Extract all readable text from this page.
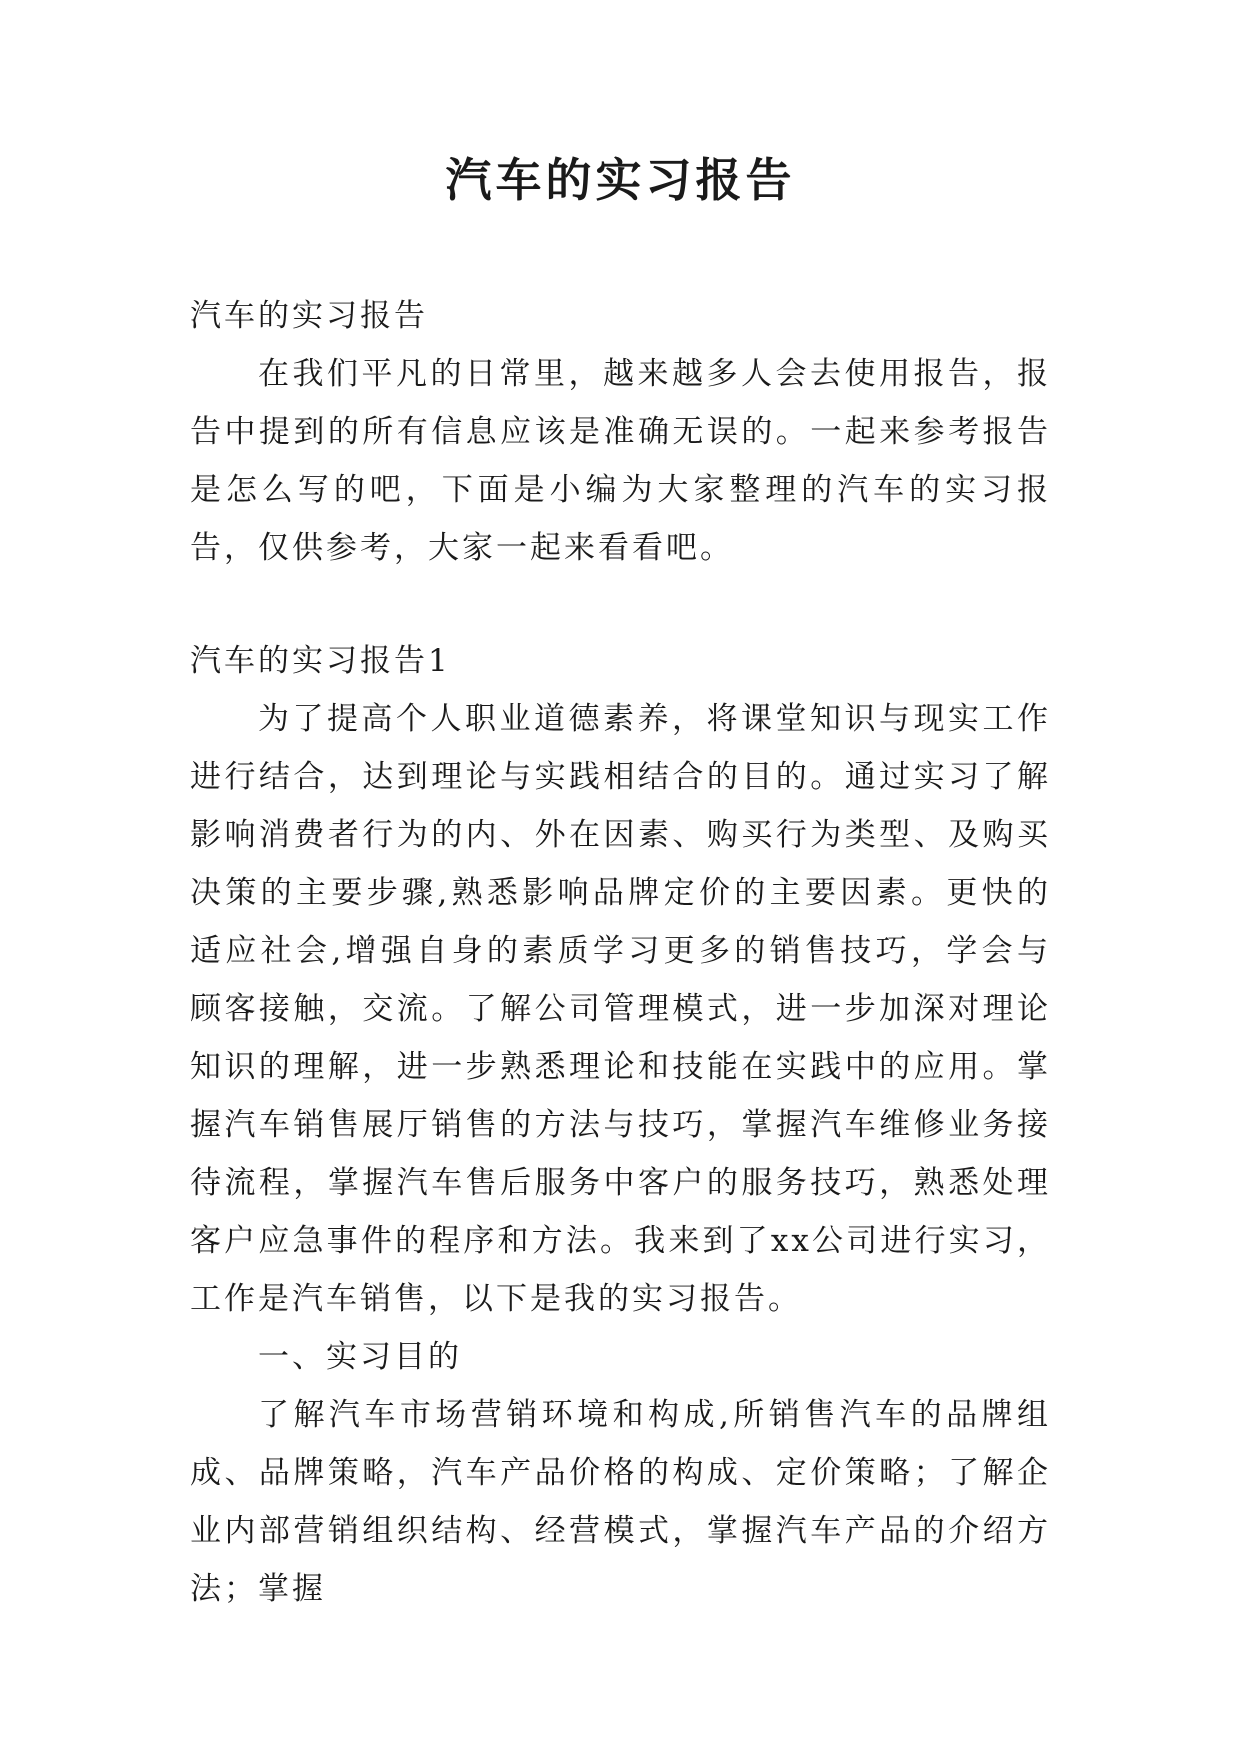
汽车的实习报告

汽车的实习报告

在我们平凡的日常里，越来越多人会去使用报告，报告中提到的所有信息应该是准确无误的。一起来参考报告是怎么写的吧，下面是小编为大家整理的汽车的实习报告，仅供参考，大家一起来看看吧。

汽车的实习报告1

为了提高个人职业道德素养，将课堂知识与现实工作进行结合，达到理论与实践相结合的目的。通过实习了解影响消费者行为的内、外在因素、购买行为类型、及购买决策的主要步骤,熟悉影响品牌定价的主要因素。更快的适应社会,增强自身的素质学习更多的销售技巧，学会与顾客接触，交流。了解公司管理模式，进一步加深对理论知识的理解，进一步熟悉理论和技能在实践中的应用。掌握汽车销售展厅销售的方法与技巧，掌握汽车维修业务接待流程，掌握汽车售后服务中客户的服务技巧，熟悉处理客户应急事件的程序和方法。我来到了xx公司进行实习，工作是汽车销售，以下是我的实习报告。

一、实习目的

了解汽车市场营销环境和构成,所销售汽车的品牌组成、品牌策略，汽车产品价格的构成、定价策略；了解企业内部营销组织结构、经营模式，掌握汽车产品的介绍方法；掌握
